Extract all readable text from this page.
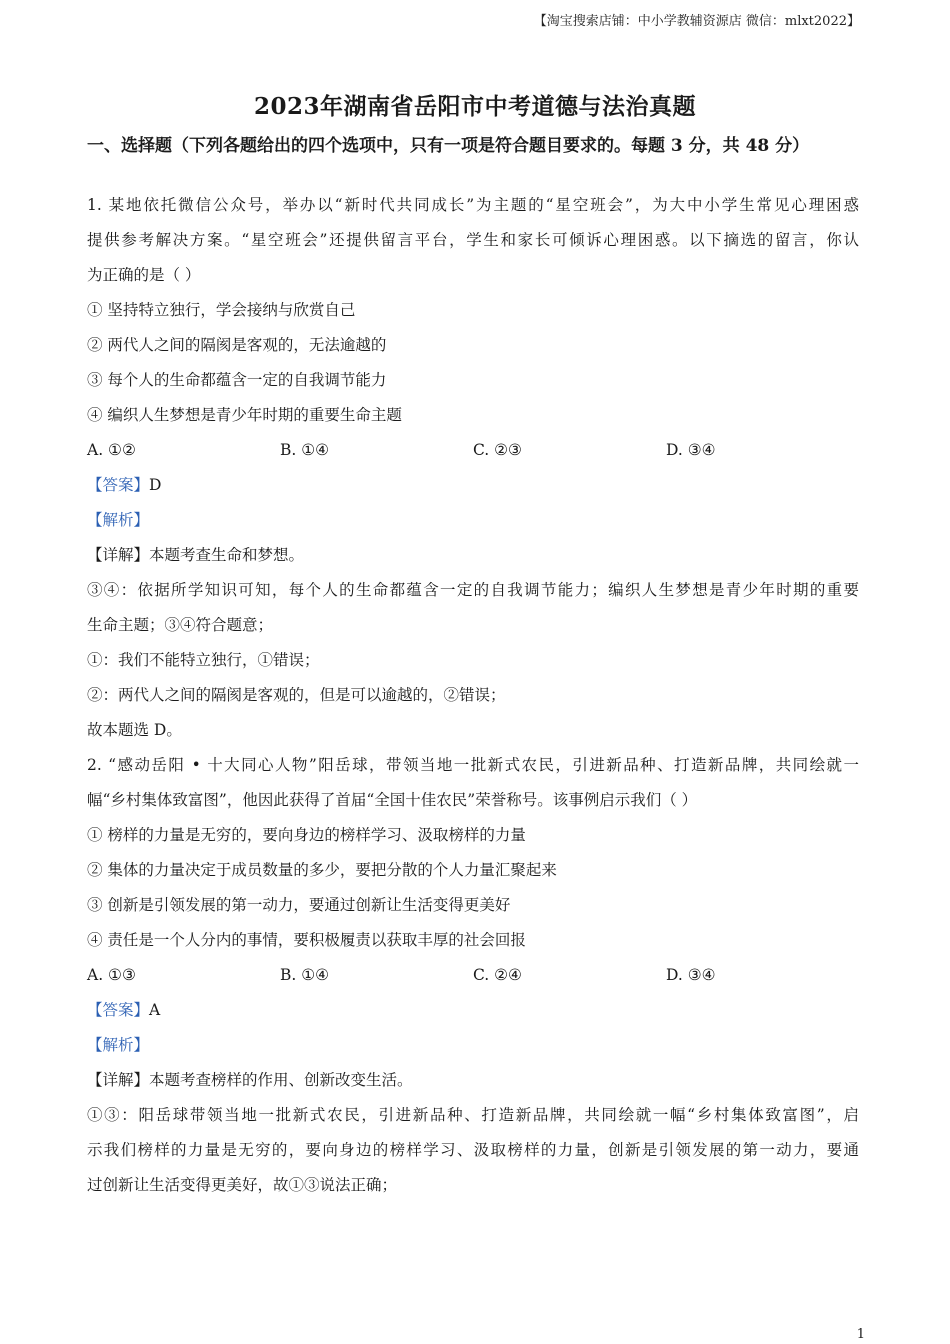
【淘宝搜索店铺：中小学教辅资源店 微信：mlxt2022】
2023年湖南省岳阳市中考道德与法治真题
一、选择题（下列各题给出的四个选项中，只有一项是符合题目要求的。每题 3 分，共 48 分）

1. 某地依托微信公众号，举办以“新时代共同成长”为主题的“星空班会”，为大中小学生常见心理困惑

提供参考解决方案。“星空班会”还提供留言平台，学生和家长可倾诉心理困惑。以下摘选的留言，你认

为正确的是（ ）

① 坚持特立独行，学会接纳与欣赏自己

② 两代人之间的隔阂是客观的，无法逾越的

③ 每个人的生命都蕴含一定的自我调节能力

④ 编织人生梦想是青少年时期的重要生命主题

A. ①②	B. ①④	C. ②③	D. ③④

【答案】D

【解析】

【详解】本题考查生命和梦想。

③④：依据所学知识可知，每个人的生命都蕴含一定的自我调节能力；编织人生梦想是青少年时期的重要

生命主题；③④符合题意；

①：我们不能特立独行，①错误；

②：两代人之间的隔阂是客观的，但是可以逾越的，②错误；

故本题选 D。

2. “感动岳阳 • 十大同心人物”阳岳球，带领当地一批新式农民，引进新品种、打造新品牌，共同绘就一

幅“乡村集体致富图”，他因此获得了首届“全国十佳农民”荣誉称号。该事例启示我们（ ）

① 榜样的力量是无穷的，要向身边的榜样学习、汲取榜样的力量

② 集体的力量决定于成员数量的多少，要把分散的个人力量汇聚起来

③ 创新是引领发展的第一动力，要通过创新让生活变得更美好

④ 责任是一个人分内的事情，要积极履责以获取丰厚的社会回报

A. ①③	B. ①④	C. ②④	D. ③④

【答案】A

【解析】

【详解】本题考查榜样的作用、创新改变生活。

①③：阳岳球带领当地一批新式农民，引进新品种、打造新品牌，共同绘就一幅“乡村集体致富图”，启

示我们榜样的力量是无穷的，要向身边的榜样学习、汲取榜样的力量，创新是引领发展的第一动力，要通

过创新让生活变得更美好，故①③说法正确；

1
